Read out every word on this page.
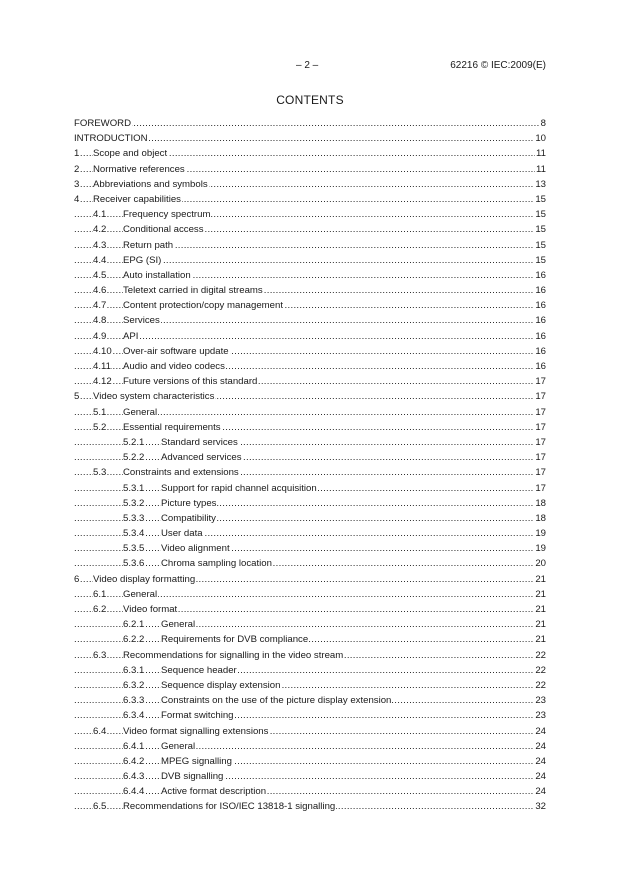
– 2 –	62216 © IEC:2009(E)
CONTENTS
FOREWORD	8
.....
INTRODUCTION	10
.....
1 Scope and object	11
.....
2 Normative references	11
.....
3 Abbreviations and symbols	13
.....
4 Receiver capabilities	15
.....
4.1 Frequency spectrum	15
.....
4.2 Conditional access	15
.....
4.3 Return path	15
.....
4.4 EPG (SI)	15
.....
4.5 Auto installation	16
.....
4.6 Teletext carried in digital streams	16
.....
4.7 Content protection/copy management	16
.....
4.8 Services	16
.....
4.9 API	16
.....
4.10 Over-air software update	16
.....
4.11 Audio and video codecs	16
.....
4.12 Future versions of this standard	17
.....
5 Video system characteristics	17
.....
5.1 General	17
.....
5.2 Essential requirements	17
.....
5.2.1 Standard services	17
.....
5.2.2 Advanced services	17
.....
5.3 Constraints and extensions	17
.....
5.3.1 Support for rapid channel acquisition	17
.....
5.3.2 Picture types	18
.....
5.3.3 Compatibility	18
.....
5.3.4 User data	19
.....
5.3.5 Video alignment	19
.....
5.3.6 Chroma sampling location	20
.....
6 Video display formatting	21
.....
6.1 General	21
.....
6.2 Video format	21
.....
6.2.1 General	21
.....
6.2.2 Requirements for DVB compliance	21
.....
6.3 Recommendations for signalling in the video stream	22
.....
6.3.1 Sequence header	22
.....
6.3.2 Sequence display extension	22
.....
6.3.3 Constraints on the use of the picture display extension	23
.....
6.3.4 Format switching	23
.....
6.4 Video format signalling extensions	24
.....
6.4.1 General	24
.....
6.4.2 MPEG signalling	24
.....
6.4.3 DVB signalling	24
.....
6.4.4 Active format description	24
.....
6.5 Recommendations for ISO/IEC 13818-1 signalling	32
.....
